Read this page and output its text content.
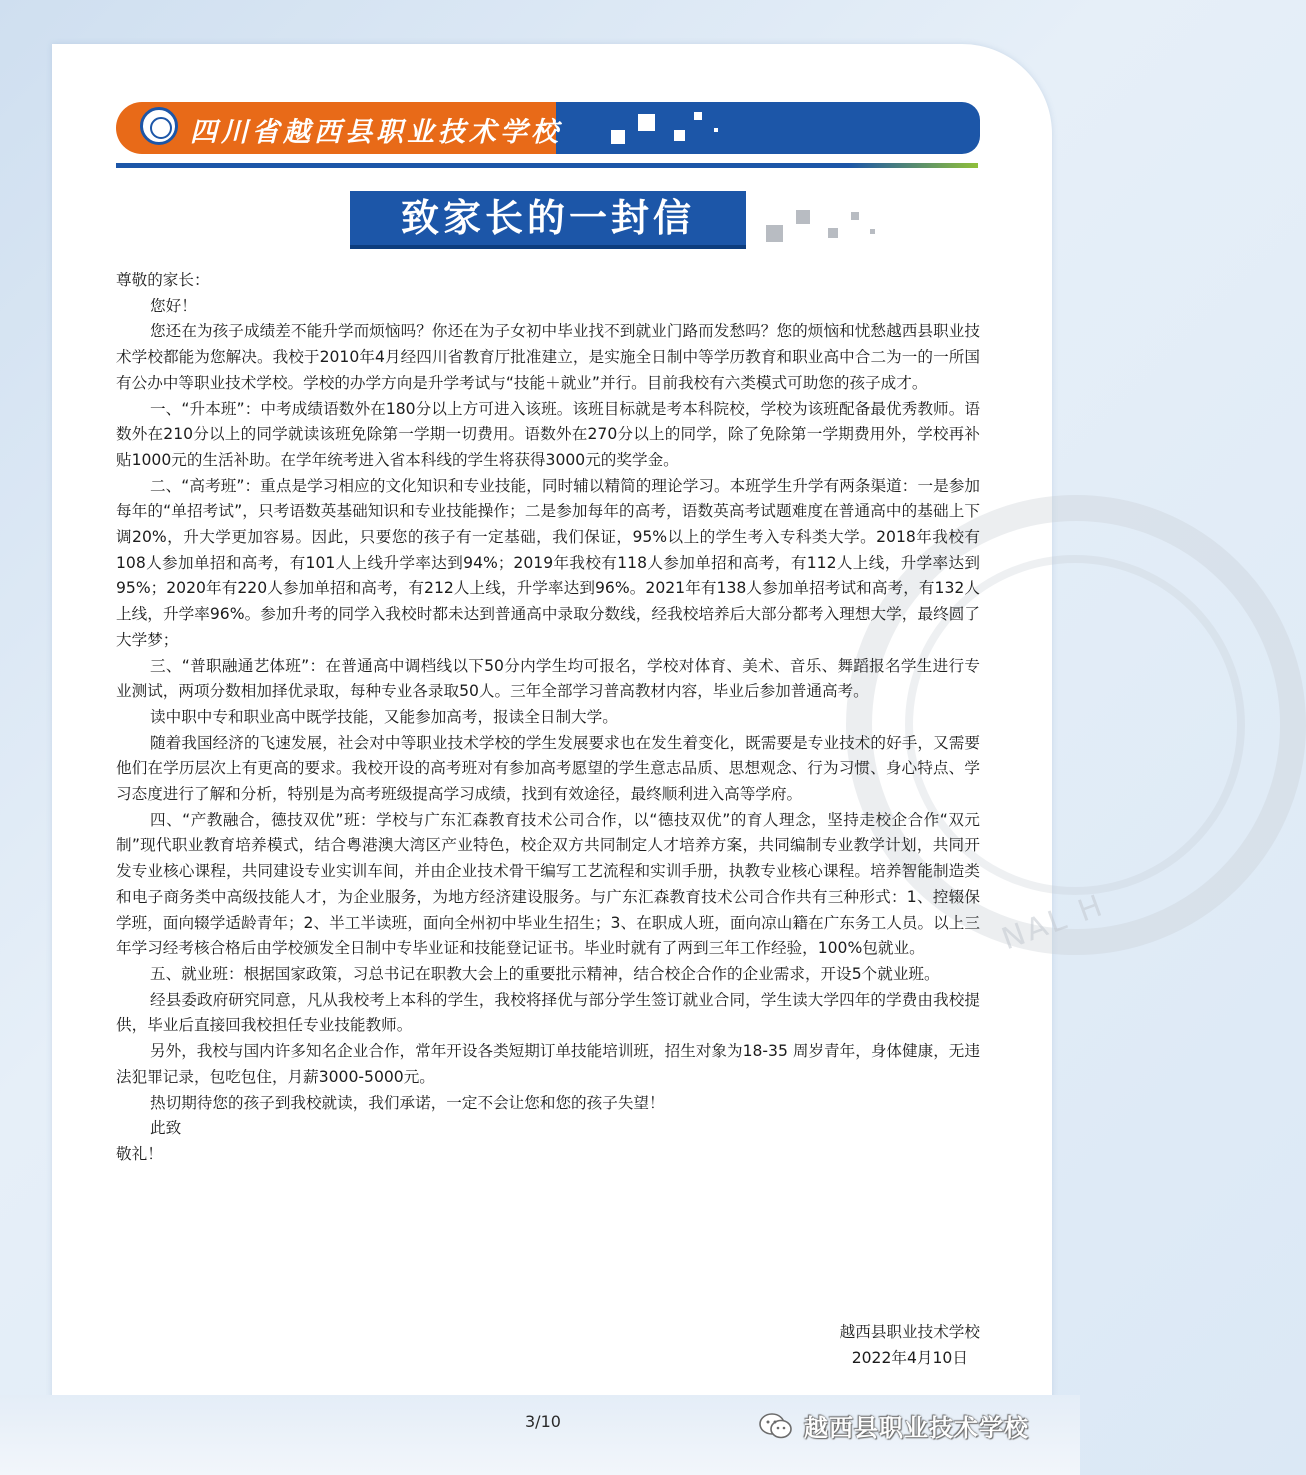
NAL H
四川省越西县职业技术学校
致家长的一封信

尊敬的家长：

您好！

您还在为孩子成绩差不能升学而烦恼吗？你还在为子女初中毕业找不到就业门路而发愁吗？您的烦恼和忧愁越西县职业技术学校都能为您解决。我校于2010年4月经四川省教育厅批准建立，是实施全日制中等学历教育和职业高中合二为一的一所国有公办中等职业技术学校。学校的办学方向是升学考试与“技能＋就业”并行。目前我校有六类模式可助您的孩子成才。

一、“升本班”：中考成绩语数外在180分以上方可进入该班。该班目标就是考本科院校，学校为该班配备最优秀教师。语数外在210分以上的同学就读该班免除第一学期一切费用。语数外在270分以上的同学，除了免除第一学期费用外，学校再补贴1000元的生活补助。在学年统考进入省本科线的学生将获得3000元的奖学金。

二、“高考班”：重点是学习相应的文化知识和专业技能，同时辅以精简的理论学习。本班学生升学有两条渠道：一是参加每年的“单招考试”，只考语数英基础知识和专业技能操作；二是参加每年的高考，语数英高考试题难度在普通高中的基础上下调20%，升大学更加容易。因此，只要您的孩子有一定基础，我们保证，95%以上的学生考入专科类大学。2018年我校有108人参加单招和高考，有101人上线升学率达到94%；2019年我校有118人参加单招和高考，有112人上线，升学率达到95%；2020年有220人参加单招和高考，有212人上线，升学率达到96%。2021年有138人参加单招考试和高考，有132人上线，升学率96%。参加升考的同学入我校时都未达到普通高中录取分数线，经我校培养后大部分都考入理想大学，最终圆了大学梦；

三、“普职融通艺体班”：在普通高中调档线以下50分内学生均可报名，学校对体育、美术、音乐、舞蹈报名学生进行专业测试，两项分数相加择优录取，每种专业各录取50人。三年全部学习普高教材内容，毕业后参加普通高考。

读中职中专和职业高中既学技能，又能参加高考，报读全日制大学。

随着我国经济的飞速发展，社会对中等职业技术学校的学生发展要求也在发生着变化，既需要是专业技术的好手，又需要他们在学历层次上有更高的要求。我校开设的高考班对有参加高考愿望的学生意志品质、思想观念、行为习惯、身心特点、学习态度进行了解和分析，特别是为高考班级提高学习成绩，找到有效途径，最终顺利进入高等学府。

四、“产教融合，德技双优”班：学校与广东汇森教育技术公司合作，以“德技双优”的育人理念，坚持走校企合作“双元制”现代职业教育培养模式，结合粤港澳大湾区产业特色，校企双方共同制定人才培养方案，共同编制专业教学计划，共同开发专业核心课程，共同建设专业实训车间，并由企业技术骨干编写工艺流程和实训手册，执教专业核心课程。培养智能制造类和电子商务类中高级技能人才，为企业服务，为地方经济建设服务。与广东汇森教育技术公司合作共有三种形式：1、控辍保学班，面向辍学适龄青年；2、半工半读班，面向全州初中毕业生招生；3、在职成人班，面向凉山籍在广东务工人员。以上三年学习经考核合格后由学校颁发全日制中专毕业证和技能登记证书。毕业时就有了两到三年工作经验，100%包就业。

五、就业班：根据国家政策，习总书记在职教大会上的重要批示精神，结合校企合作的企业需求，开设5个就业班。

经县委政府研究同意，凡从我校考上本科的学生，我校将择优与部分学生签订就业合同，学生读大学四年的学费由我校提供，毕业后直接回我校担任专业技能教师。

另外，我校与国内许多知名企业合作，常年开设各类短期订单技能培训班，招生对象为18-35 周岁青年，身体健康，无违法犯罪记录，包吃包住，月薪3000-5000元。

热切期待您的孩子到我校就读，我们承诺，一定不会让您和您的孩子失望！

此致

敬礼！

越西县职业技术学校
2022年4月10日
3/10	越西县职业技术学校
